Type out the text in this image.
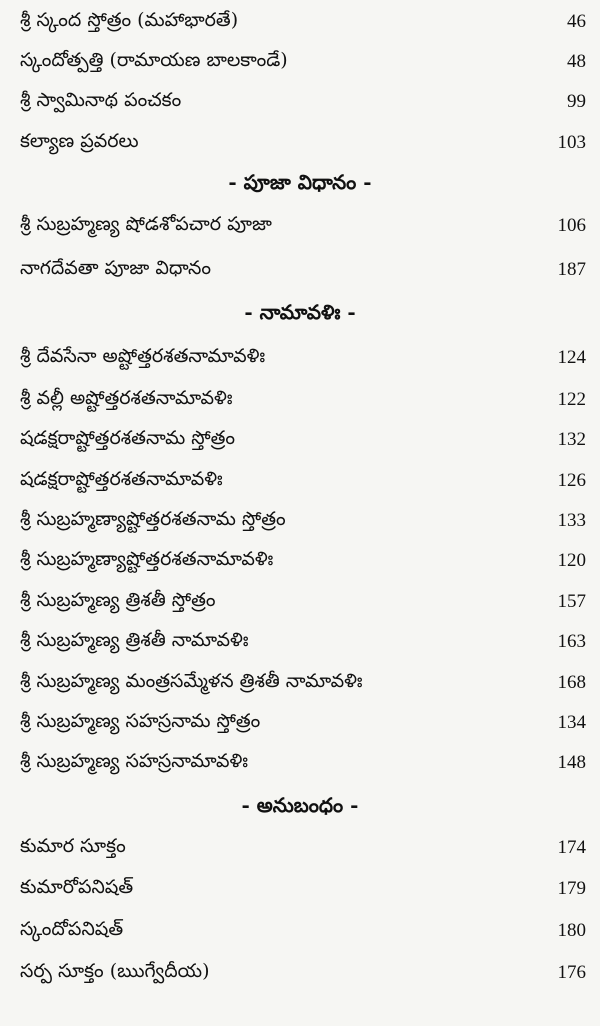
శ్రీ స్కంద స్తోత్రం (మహాభారతే)	46
స్కందోత్పత్తి (రామాయణ బాలకాండే)	48
శ్రీ స్వామినాథ పంచకం	99
కల్యాణ ప్రవరలు	103
- పూజా విధానం -
శ్రీ సుబ్రహ్మణ్య షోడశోపచార పూజా	106
నాగదేవతా పూజా విధానం	187
- నామావళిః -
శ్రీ దేవసేనా అష్టోత్తరశతనామావళిః	124
శ్రీ వల్లీ అష్టోత్తరశతనామావళిః	122
షడక్షరాష్టోత్తరశతనామ స్తోత్రం	132
షడక్షరాష్టోత్తరశతనామావళిః	126
శ్రీ సుబ్రహ్మణ్యాష్టోత్తరశతనామ స్తోత్రం	133
శ్రీ సుబ్రహ్మణ్యాష్టోత్తరశతనామావళిః	120
శ్రీ సుబ్రహ్మణ్య త్రిశతీ స్తోత్రం	157
శ్రీ సుబ్రహ్మణ్య త్రిశతీ నామావళిః	163
శ్రీ సుబ్రహ్మణ్య మంత్రసమ్మేళన త్రిశతీ నామావళిః	168
శ్రీ సుబ్రహ్మణ్య సహస్రనామ స్తోత్రం	134
శ్రీ సుబ్రహ్మణ్య సహస్రనామావళిః	148
- అనుబంధం -
కుమార సూక్తం	174
కుమారోపనిషత్	179
స్కందోపనిషత్	180
సర్ప సూక్తం (ఋగ్వేదీయ)	176
